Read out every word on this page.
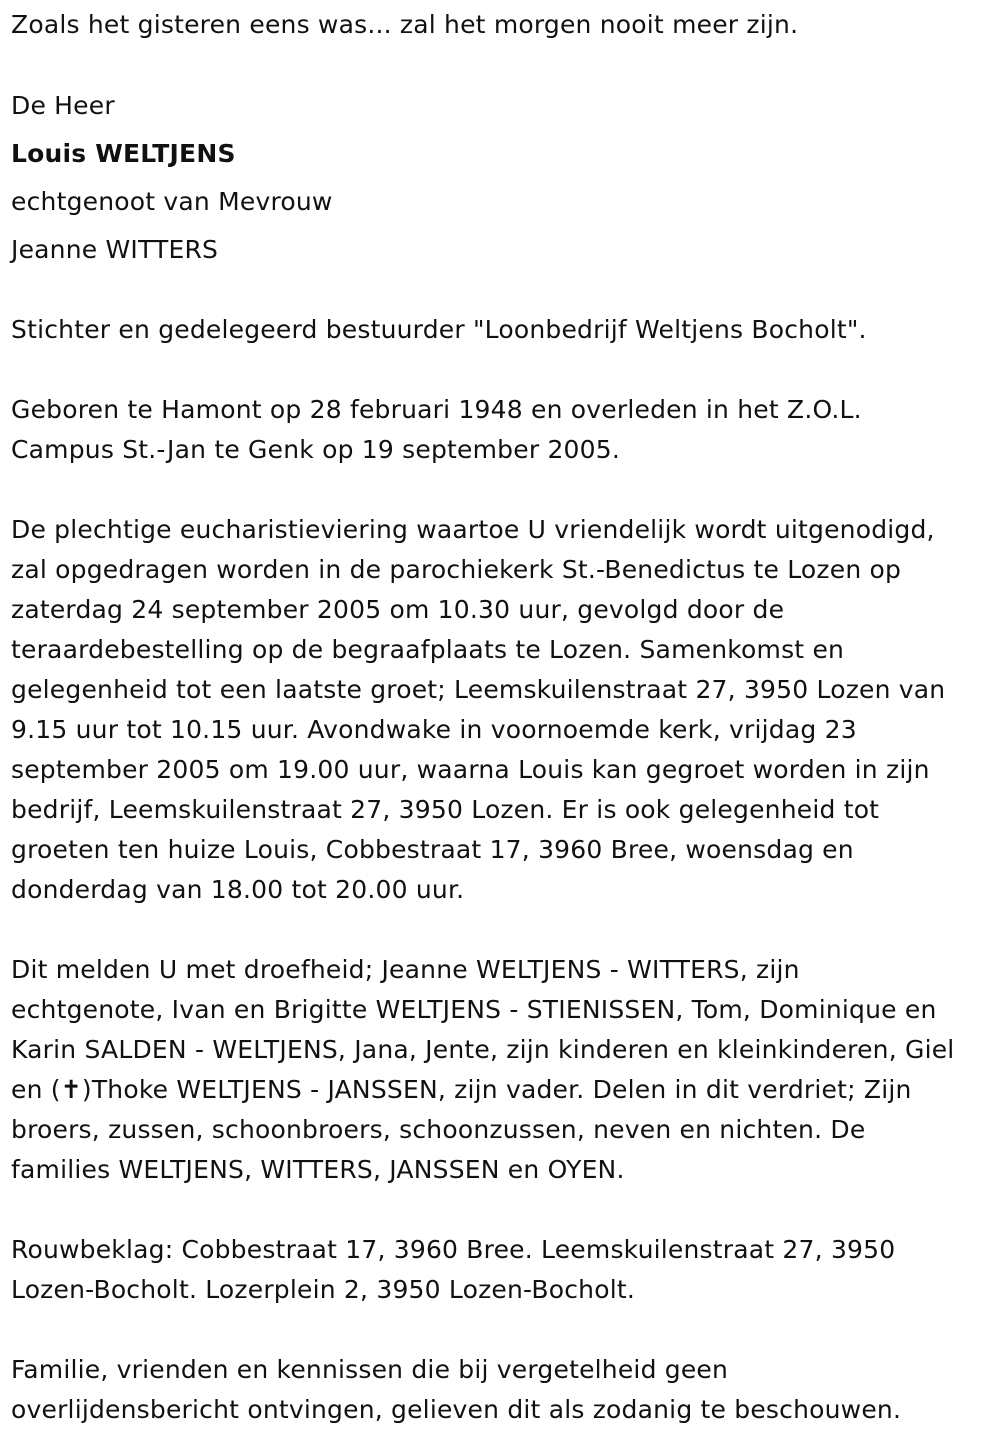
Zoals het gisteren eens was... zal het morgen nooit meer zijn.
De Heer
Louis WELTJENS
echtgenoot van Mevrouw
Jeanne WITTERS
Stichter en gedelegeerd bestuurder "Loonbedrijf Weltjens Bocholt".
Geboren te Hamont op 28 februari 1948 en overleden in het Z.O.L.
Campus St.-Jan te Genk op 19 september 2005.
De plechtige eucharistieviering waartoe U vriendelijk wordt uitgenodigd,
zal opgedragen worden in de parochiekerk St.-Benedictus te Lozen op
zaterdag 24 september 2005 om 10.30 uur, gevolgd door de
teraardebestelling op de begraafplaats te Lozen. Samenkomst en
gelegenheid tot een laatste groet; Leemskuilenstraat 27, 3950 Lozen van
9.15 uur tot 10.15 uur. Avondwake in voornoemde kerk, vrijdag 23
september 2005 om 19.00 uur, waarna Louis kan gegroet worden in zijn
bedrijf, Leemskuilenstraat 27, 3950 Lozen. Er is ook gelegenheid tot
groeten ten huize Louis, Cobbestraat 17, 3960 Bree, woensdag en
donderdag van 18.00 tot 20.00 uur.
Dit melden U met droefheid; Jeanne WELTJENS - WITTERS, zijn
echtgenote, Ivan en Brigitte WELTJENS - STIENISSEN, Tom, Dominique en
Karin SALDEN - WELTJENS, Jana, Jente, zijn kinderen en kleinkinderen, Giel
en (✝)Thoke WELTJENS - JANSSEN, zijn vader. Delen in dit verdriet; Zijn
broers, zussen, schoonbroers, schoonzussen, neven en nichten. De
families WELTJENS, WITTERS, JANSSEN en OYEN.
Rouwbeklag: Cobbestraat 17, 3960 Bree. Leemskuilenstraat 27, 3950
Lozen-Bocholt. Lozerplein 2, 3950 Lozen-Bocholt.
Familie, vrienden en kennissen die bij vergetelheid geen
overlijdensbericht ontvingen, gelieven dit als zodanig te beschouwen.
